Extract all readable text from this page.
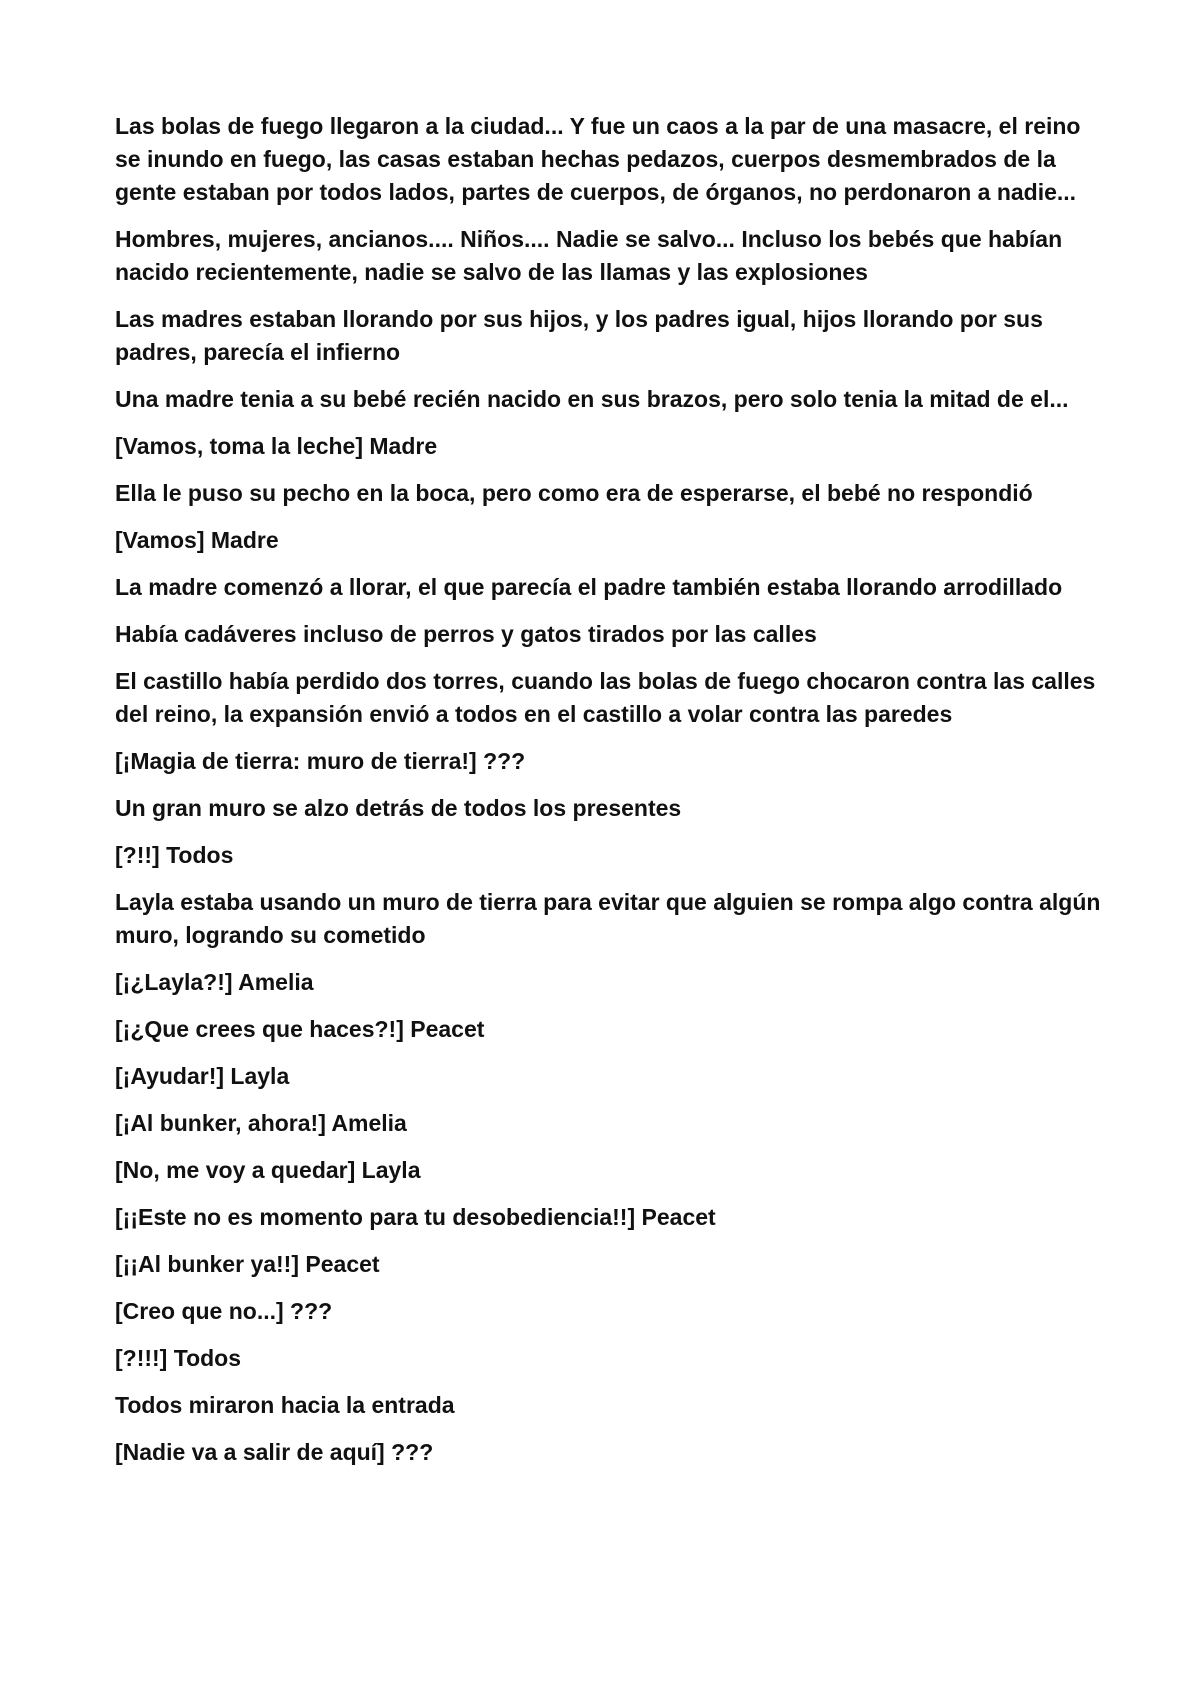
Las bolas de fuego llegaron a la ciudad... Y fue un caos a la par de una masacre, el reino se inundo en fuego, las casas estaban hechas pedazos, cuerpos desmembrados de la gente estaban por todos lados, partes de cuerpos, de órganos, no perdonaron a nadie...

Hombres, mujeres, ancianos.... Niños.... Nadie se salvo... Incluso los bebés que habían nacido recientemente, nadie se salvo de las llamas y las explosiones

Las madres estaban llorando por sus hijos, y los padres igual, hijos llorando por sus padres, parecía el infierno

Una madre tenia a su bebé recién nacido en sus brazos, pero solo tenia la mitad de el...

[Vamos, toma la leche] Madre

Ella le puso su pecho en la boca, pero como era de esperarse, el bebé no respondió

[Vamos] Madre

La madre comenzó a llorar, el que parecía el padre también estaba llorando arrodillado

Había cadáveres incluso de perros y gatos tirados por las calles

El castillo había perdido dos torres, cuando las bolas de fuego chocaron contra las calles del reino, la expansión envió a todos en el castillo a volar contra las paredes

[¡Magia de tierra: muro de tierra!] ???

Un gran muro se alzo detrás de todos los presentes

[?!!] Todos

Layla estaba usando un muro de tierra para evitar que alguien se rompa algo contra algún muro, logrando su cometido

[¡¿Layla?!] Amelia

[¡¿Que crees que haces?!] Peacet

[¡Ayudar!] Layla

[¡Al bunker, ahora!] Amelia

[No, me voy a quedar] Layla

[¡¡Este no es momento para tu desobediencia!!] Peacet

[¡¡Al bunker ya!!] Peacet

[Creo que no...] ???

[?!!!] Todos

Todos miraron hacia la entrada

[Nadie va a salir de aquí] ???
